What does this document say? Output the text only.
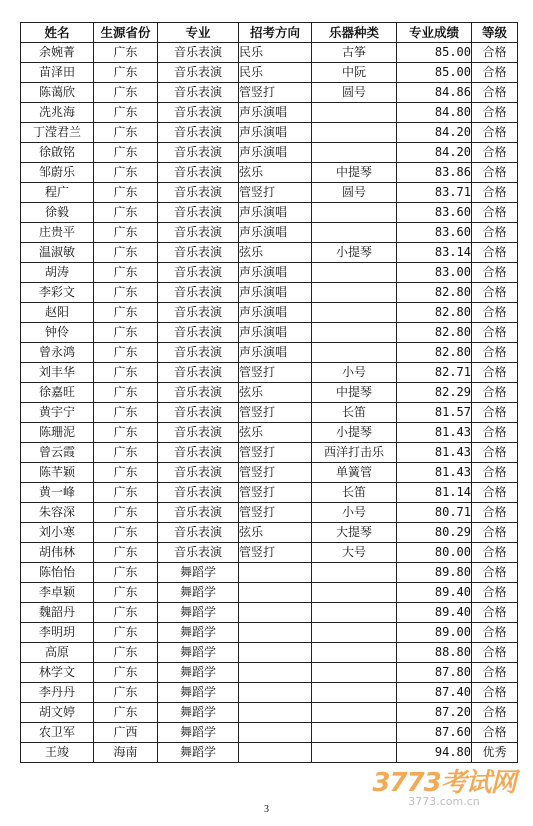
姓名	生源省份	专业	招考方向	乐器种类	专业成绩	等级
余婉菁	广东	音乐表演	民乐	古筝	85.00	合格
苗泽田	广东	音乐表演	民乐	中阮	85.00	合格
陈蔼欣	广东	音乐表演	管竖打	圆号	84.86	合格
冼兆海	广东	音乐表演	声乐演唱		84.80	合格
丁滢君兰	广东	音乐表演	声乐演唱		84.20	合格
徐啟铭	广东	音乐表演	声乐演唱		84.20	合格
邹蔚乐	广东	音乐表演	弦乐	中提琴	83.86	合格
程广	广东	音乐表演	管竖打	圆号	83.71	合格
徐毅	广东	音乐表演	声乐演唱		83.60	合格
庄贵平	广东	音乐表演	声乐演唱		83.60	合格
温淑敏	广东	音乐表演	弦乐	小提琴	83.14	合格
胡涛	广东	音乐表演	声乐演唱		83.00	合格
李彩文	广东	音乐表演	声乐演唱		82.80	合格
赵阳	广东	音乐表演	声乐演唱		82.80	合格
钟伶	广东	音乐表演	声乐演唱		82.80	合格
曾永鸿	广东	音乐表演	声乐演唱		82.80	合格
刘丰华	广东	音乐表演	管竖打	小号	82.71	合格
徐嘉旺	广东	音乐表演	弦乐	中提琴	82.29	合格
黄宇宁	广东	音乐表演	管竖打	长笛	81.57	合格
陈珊泥	广东	音乐表演	弦乐	小提琴	81.43	合格
曾云霞	广东	音乐表演	管竖打	西洋打击乐	81.43	合格
陈芊颖	广东	音乐表演	管竖打	单簧管	81.43	合格
黄一峰	广东	音乐表演	管竖打	长笛	81.14	合格
朱容深	广东	音乐表演	管竖打	小号	80.71	合格
刘小寒	广东	音乐表演	弦乐	大提琴	80.29	合格
胡伟林	广东	音乐表演	管竖打	大号	80.00	合格
陈怡怡	广东	舞蹈学			89.80	合格
李卓颖	广东	舞蹈学			89.40	合格
魏韶丹	广东	舞蹈学			89.40	合格
李明玥	广东	舞蹈学			89.00	合格
高原	广东	舞蹈学			88.80	合格
林学文	广东	舞蹈学			87.80	合格
李丹丹	广东	舞蹈学			87.40	合格
胡文婷	广东	舞蹈学			87.20	合格
农卫军	广西	舞蹈学			87.60	合格
王竣	海南	舞蹈学			94.80	优秀
3
3773考试网
3773.com.cn
